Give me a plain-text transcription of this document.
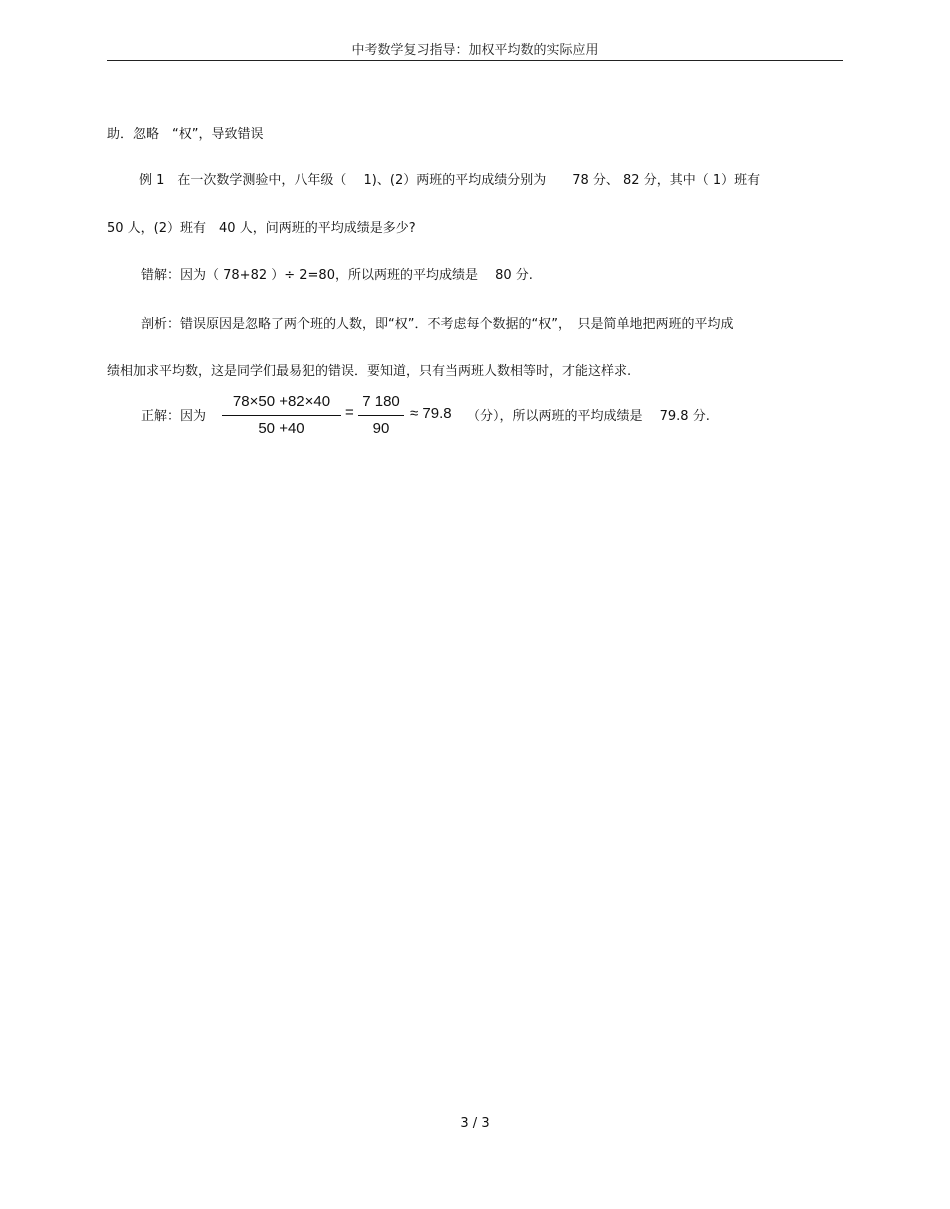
中考数学复习指导：加权平均数的实际应用
助．忽略　“权”，导致错误
例 1　在一次数学测验中，八年级（　 1)、(2）两班的平均成绩分别为　　78 分、 82 分，其中（ 1）班有
50 人，(2）班有　40 人，问两班的平均成绩是多少?
错解：因为（ 78+82 ）÷ 2=80，所以两班的平均成绩是　 80 分.
剖析：错误原因是忽略了两个班的人数，即“权”．不考虑每个数据的“权”，　只是简单地把两班的平均成
绩相加求平均数，这是同学们最易犯的错误．要知道，只有当两班人数相等时，才能这样求.
正解：因为
78×50 +82×40
50 +40
=
7 180
90
≈ 79.8 （分），所以两班的平均成绩是　 79.8 分.
3 / 3
